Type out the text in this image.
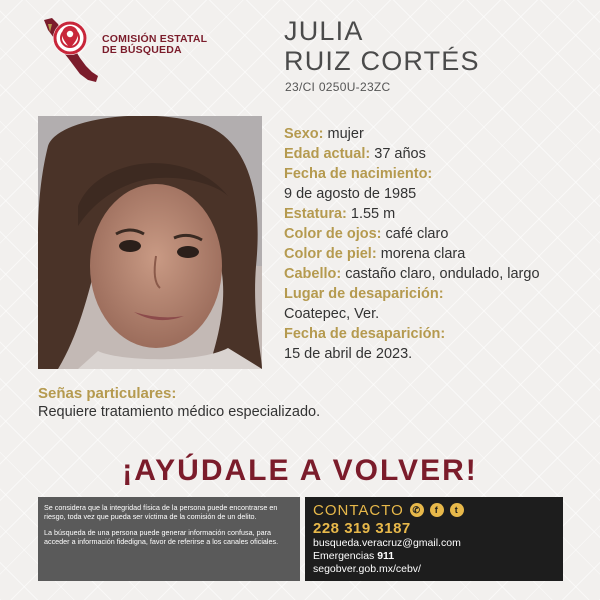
COMISIÓN ESTATAL
DE BÚSQUEDA
JULIA
RUIZ CORTÉS
23/CI 0250U-23ZC
Sexo: mujer
Edad actual: 37 años
Fecha de nacimiento:
9 de agosto de 1985
Estatura: 1.55 m
Color de ojos: café claro
Color de piel: morena clara
Cabello: castaño claro, ondulado, largo
Lugar de desaparición:
Coatepec, Ver.
Fecha de desaparición:
15 de abril de 2023.
Señas particulares:
Requiere tratamiento médico especializado.
¡AYÚDALE A VOLVER!

Se considera que la integridad física de la persona puede encontrarse en riesgo, toda vez que pueda ser víctima de la comisión de un delito.

La búsqueda de una persona puede generar información confusa, para acceder a información fidedigna, favor de referirse a los canales oficiales.

CONTACTO ✆	f	t
228 319 3187
busqueda.veracruz@gmail.com
Emergencias 911
segobver.gob.mx/cebv/
